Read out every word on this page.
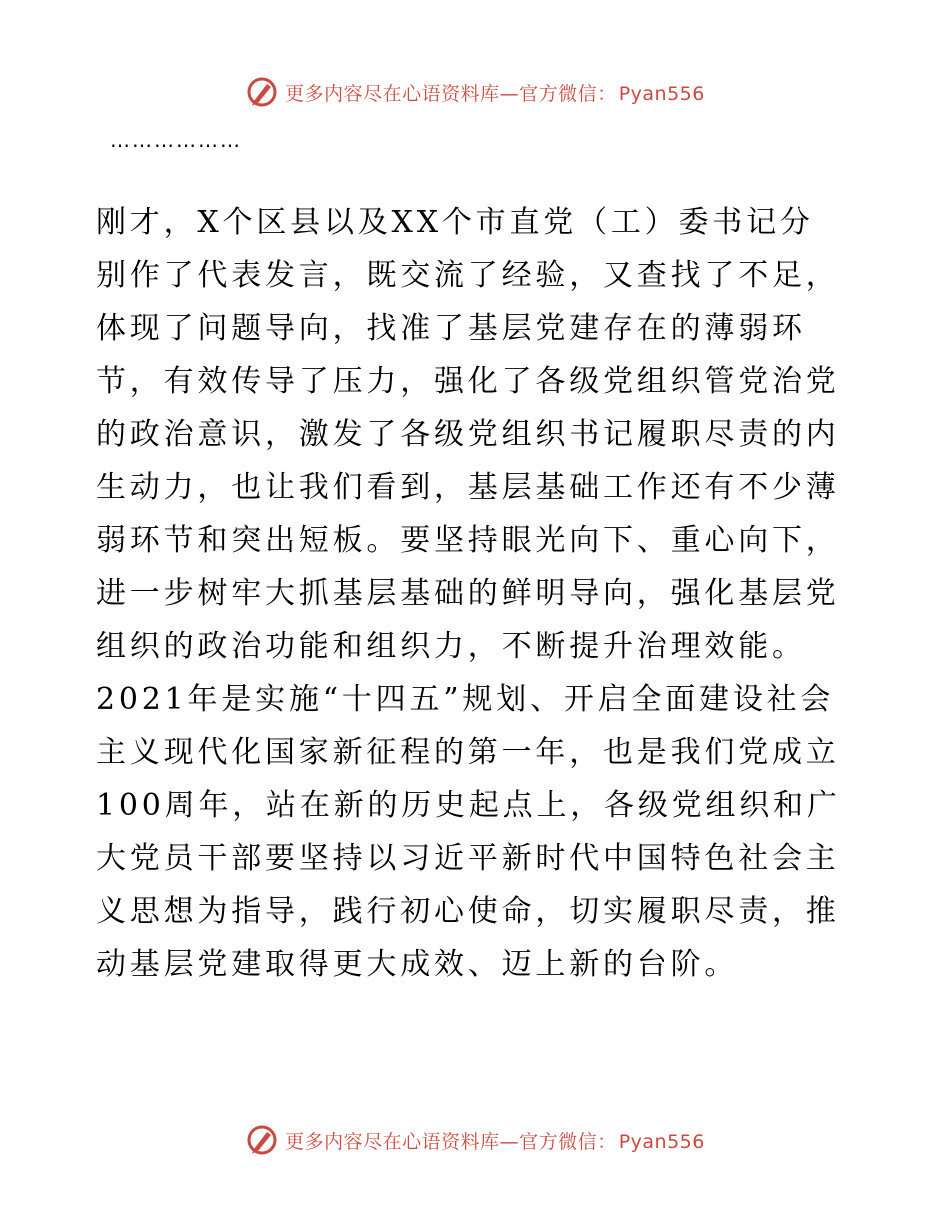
更多内容尽在心语资料库—官方微信： Pyan556
………………
刚才，X个区县以及XX个市直党（工）委书记分
别作了代表发言，既交流了经验，又查找了不足，
体现了问题导向，找准了基层党建存在的薄弱环
节，有效传导了压力，强化了各级党组织管党治党
的政治意识，激发了各级党组织书记履职尽责的内
生动力，也让我们看到，基层基础工作还有不少薄
弱环节和突出短板。要坚持眼光向下、重心向下，
进一步树牢大抓基层基础的鲜明导向，强化基层党
组织的政治功能和组织力，不断提升治理效能。
2021年是实施“十四五”规划、开启全面建设社会
主义现代化国家新征程的第一年，也是我们党成立
100周年，站在新的历史起点上，各级党组织和广
大党员干部要坚持以习近平新时代中国特色社会主
义思想为指导，践行初心使命，切实履职尽责，推
动基层党建取得更大成效、迈上新的台阶。
更多内容尽在心语资料库—官方微信： Pyan556
